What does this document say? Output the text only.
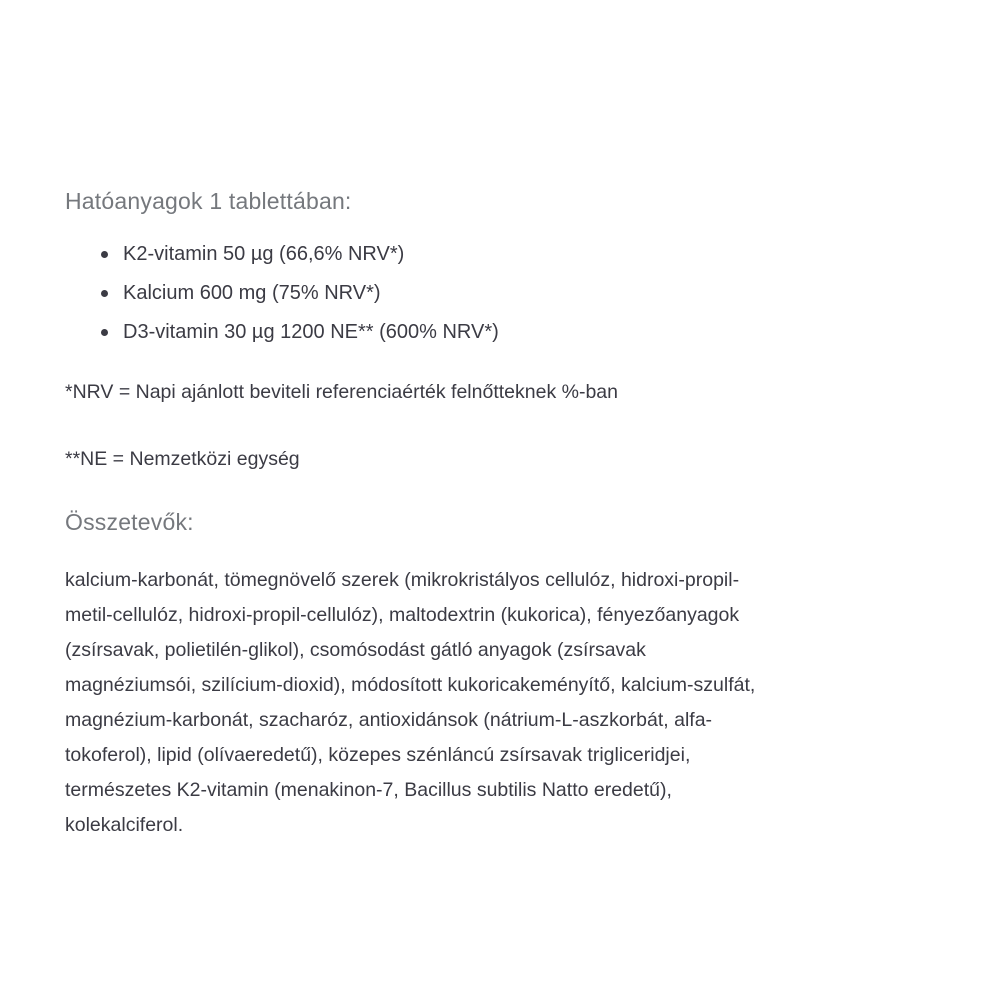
Hatóanyagok 1 tablettában:
K2-vitamin 50 µg (66,6% NRV*)
Kalcium 600 mg (75% NRV*)
D3-vitamin 30 µg 1200 NE** (600% NRV*)

*NRV = Napi ajánlott beviteli referenciaérték felnőtteknek %-ban

**NE = Nemzetközi egység

Összetevők:
kalcium-karbonát, tömegnövelő szerek (mikrokristályos cellulóz, hidroxi-propil-
metil-cellulóz, hidroxi-propil-cellulóz), maltodextrin (kukorica), fényezőanyagok
(zsírsavak, polietilén-glikol), csomósodást gátló anyagok (zsírsavak
magnéziumsói, szilícium-dioxid), módosított kukoricakeményítő, kalcium-szulfát,
magnézium-karbonát, szacharóz, antioxidánsok (nátrium-L-aszkorbát, alfa-
tokoferol), lipid (olívaeredetű), közepes szénláncú zsírsavak trigliceridjei,
természetes K2-vitamin (menakinon-7, Bacillus subtilis Natto eredetű),
kolekalciferol.
